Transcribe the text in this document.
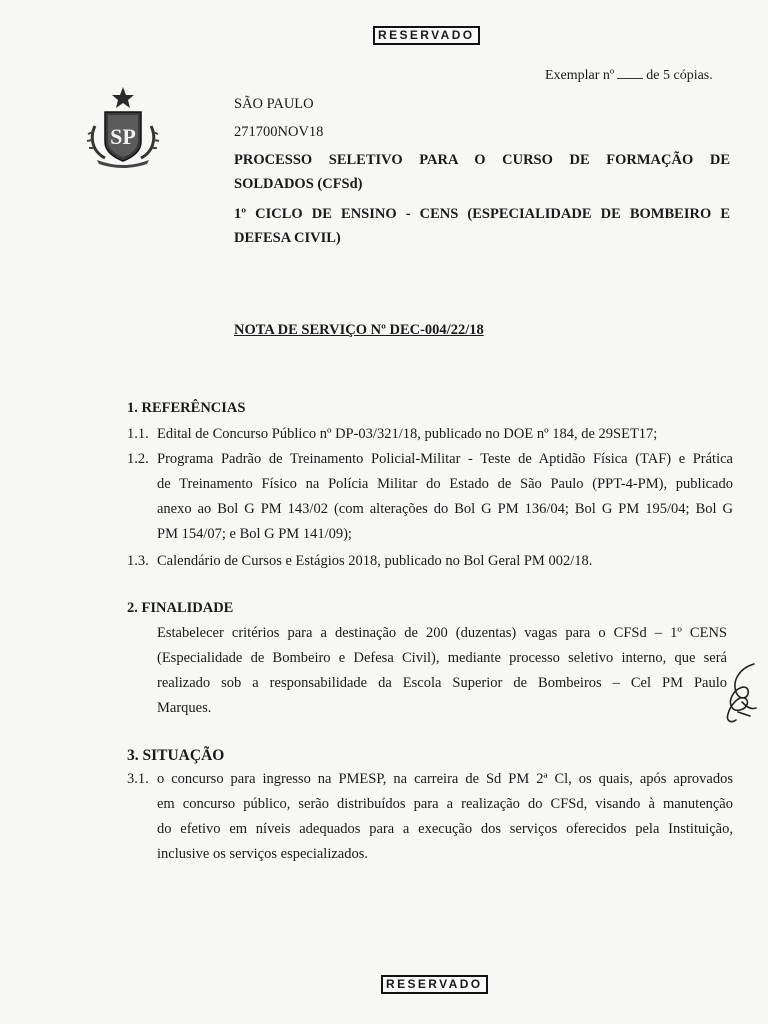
RESERVADO
Exemplar nº de 5 cópias.
SP
SÃO PAULO
271700NOV18
PROCESSO SELETIVO PARA O CURSO DE FORMAÇÃO DE
SOLDADOS (CFSd)
1º CICLO DE ENSINO - CENS (ESPECIALIDADE DE BOMBEIRO E
DEFESA CIVIL)
NOTA DE SERVIÇO Nº DEC-004/22/18
1. REFERÊNCIAS
1.1. Edital de Concurso Público nº DP-03/321/18, publicado no DOE nº 184, de 29SET17;
1.2. Programa Padrão de Treinamento Policial-Militar - Teste de Aptidão Física (TAF) e Prática
de Treinamento Físico na Polícia Militar do Estado de São Paulo (PPT-4-PM), publicado
anexo ao Bol G PM 143/02 (com alterações do Bol G PM 136/04; Bol G PM 195/04; Bol G
PM 154/07; e Bol G PM 141/09);
1.3. Calendário de Cursos e Estágios 2018, publicado no Bol Geral PM 002/18.
2. FINALIDADE
Estabelecer critérios para a destinação de 200 (duzentas) vagas para o CFSd – 1º CENS
(Especialidade de Bombeiro e Defesa Civil), mediante processo seletivo interno, que será
realizado sob a responsabilidade da Escola Superior de Bombeiros – Cel PM Paulo
Marques.
3. SITUAÇÃO
3.1. o concurso para ingresso na PMESP, na carreira de Sd PM 2ª Cl, os quais, após aprovados
em concurso público, serão distribuídos para a realização do CFSd, visando à manutenção
do efetivo em níveis adequados para a execução dos serviços oferecidos pela Instituição,
inclusive os serviços especializados.
RESERVADO
